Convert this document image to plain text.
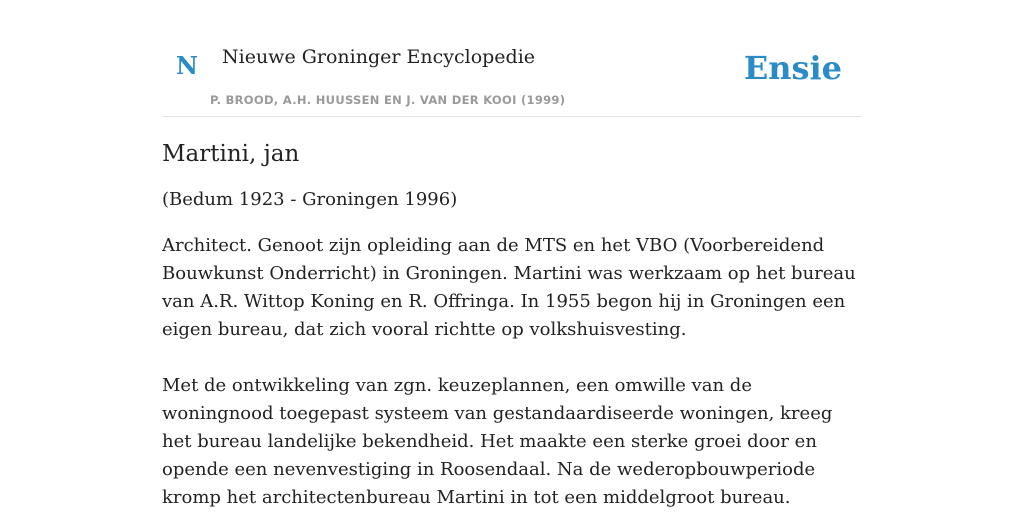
N Nieuwe Groninger Encyclopedie
P. BROOD, A.H. HUUSSEN EN J. VAN DER KOOI (1999)
Ensie
Martini, jan

(Bedum 1923 - Groningen 1996)

Architect. Genoot zijn opleiding aan de MTS en het VBO (Voorbereidend Bouwkunst Onderricht) in Groningen. Martini was werkzaam op het bureau van A.R. Wittop Koning en R. Offringa. In 1955 begon hij in Groningen een eigen bureau, dat zich vooral richtte op volkshuisvesting.

Met de ontwikkeling van zgn. keuzeplannen, een omwille van de woningnood toegepast systeem van gestandaardiseerde woningen, kreeg het bureau landelijke bekendheid. Het maakte een sterke groei door en opende een nevenvestiging in Roosendaal. Na de wederopbouwperiode kromp het architectenbureau Martini in tot een middelgroot bureau.
